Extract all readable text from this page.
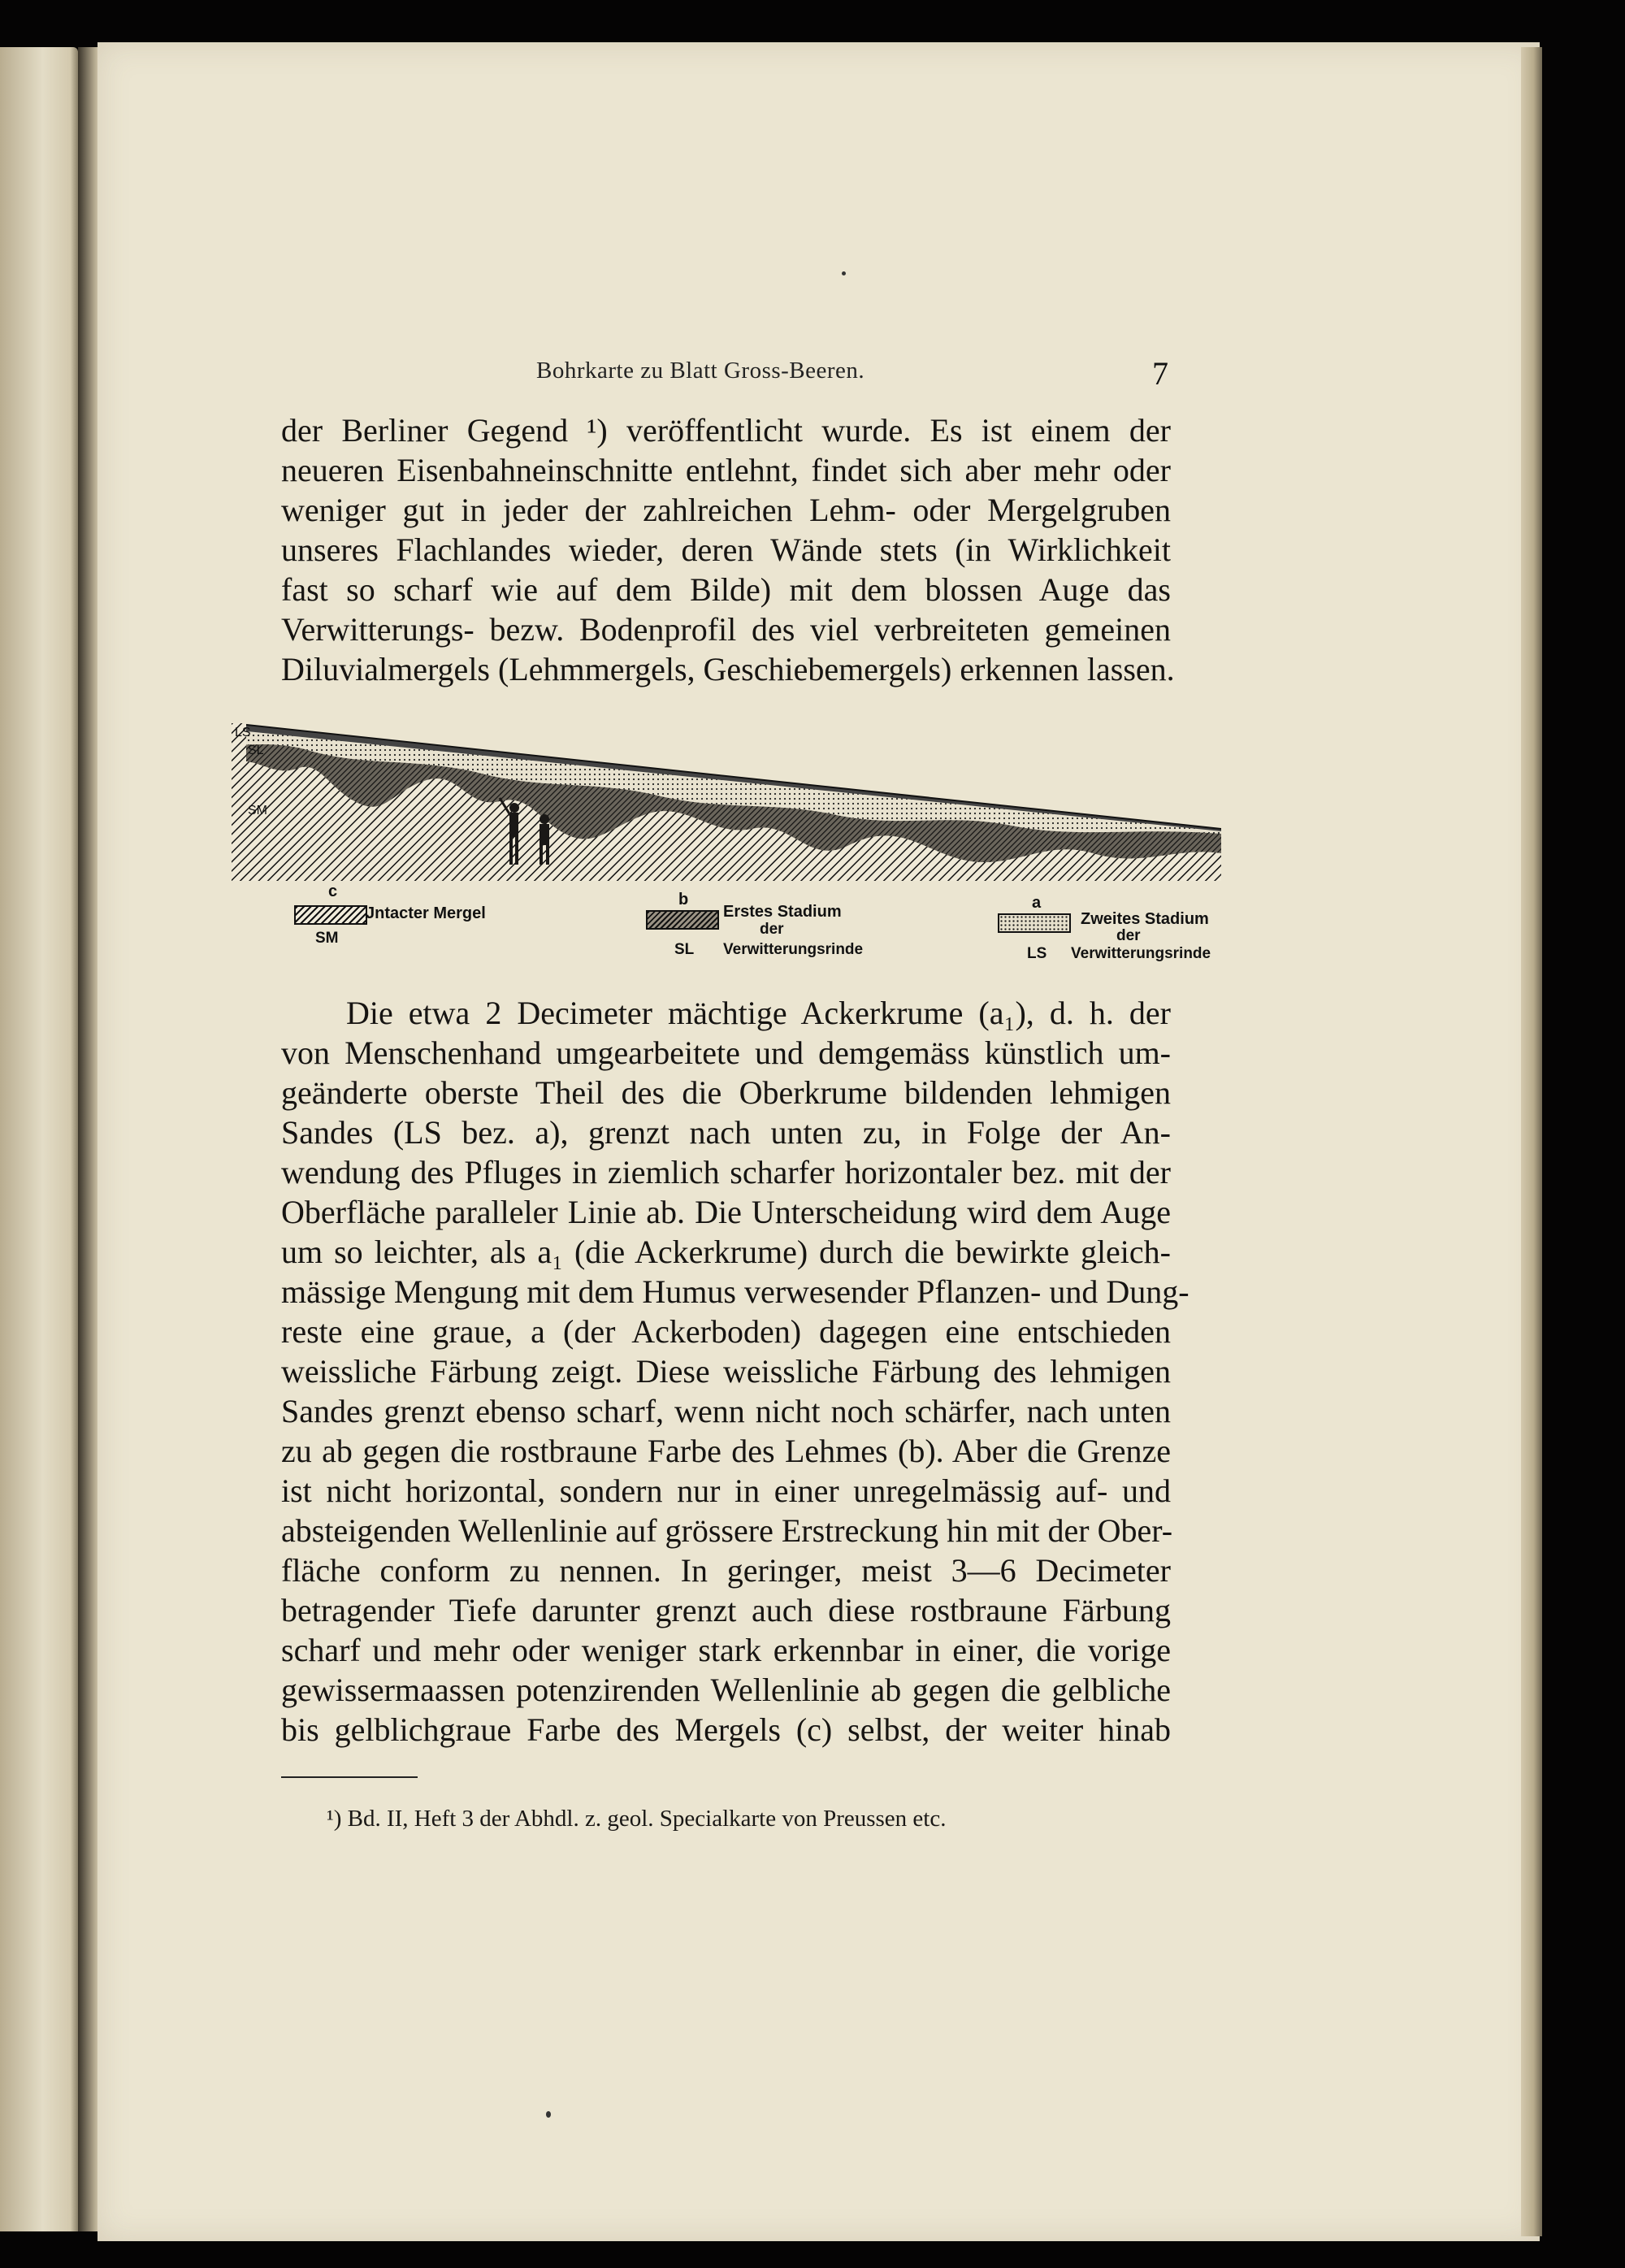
Bohrkarte zu Blatt Gross-Beeren.	7
der Berliner Gegend ¹) veröffentlicht wurde. Es ist einem der
neueren Eisenbahneinschnitte entlehnt, findet sich aber mehr oder
weniger gut in jeder der zahlreichen Lehm- oder Mergelgruben
unseres Flachlandes wieder, deren Wände stets (in Wirklichkeit
fast so scharf wie auf dem Bilde) mit dem blossen Auge das
Verwitterungs- bezw. Bodenprofil des viel verbreiteten gemeinen
Diluvialmergels (Lehmmergels, Geschiebemergels) erkennen lassen.
LS
SL
SM
c
Jntacter Mergel
SM
b
Erstes Stadium
der
SL Verwitterungsrinde
a
Zweites Stadium
der
LS Verwitterungsrinde
Die etwa 2 Decimeter mächtige Ackerkrume (a₁), d. h. der
von Menschenhand umgearbeitete und demgemäss künstlich um-
geänderte oberste Theil des die Oberkrume bildenden lehmigen
Sandes (LS bez. a), grenzt nach unten zu, in Folge der An-
wendung des Pfluges in ziemlich scharfer horizontaler bez. mit der
Oberfläche paralleler Linie ab. Die Unterscheidung wird dem Auge
um so leichter, als a₁ (die Ackerkrume) durch die bewirkte gleich-
mässige Mengung mit dem Humus verwesender Pflanzen- und Dung-
reste eine graue, a (der Ackerboden) dagegen eine entschieden
weissliche Färbung zeigt. Diese weissliche Färbung des lehmigen
Sandes grenzt ebenso scharf, wenn nicht noch schärfer, nach unten
zu ab gegen die rostbraune Farbe des Lehmes (b). Aber die Grenze
ist nicht horizontal, sondern nur in einer unregelmässig auf- und
absteigenden Wellenlinie auf grössere Erstreckung hin mit der Ober-
fläche conform zu nennen. In geringer, meist 3—6 Decimeter
betragender Tiefe darunter grenzt auch diese rostbraune Färbung
scharf und mehr oder weniger stark erkennbar in einer, die vorige
gewissermaassen potenzirenden Wellenlinie ab gegen die gelbliche
bis gelblichgraue Farbe des Mergels (c) selbst, der weiter hinab
¹) Bd. II, Heft 3 der Abhdl. z. geol. Specialkarte von Preussen etc.
